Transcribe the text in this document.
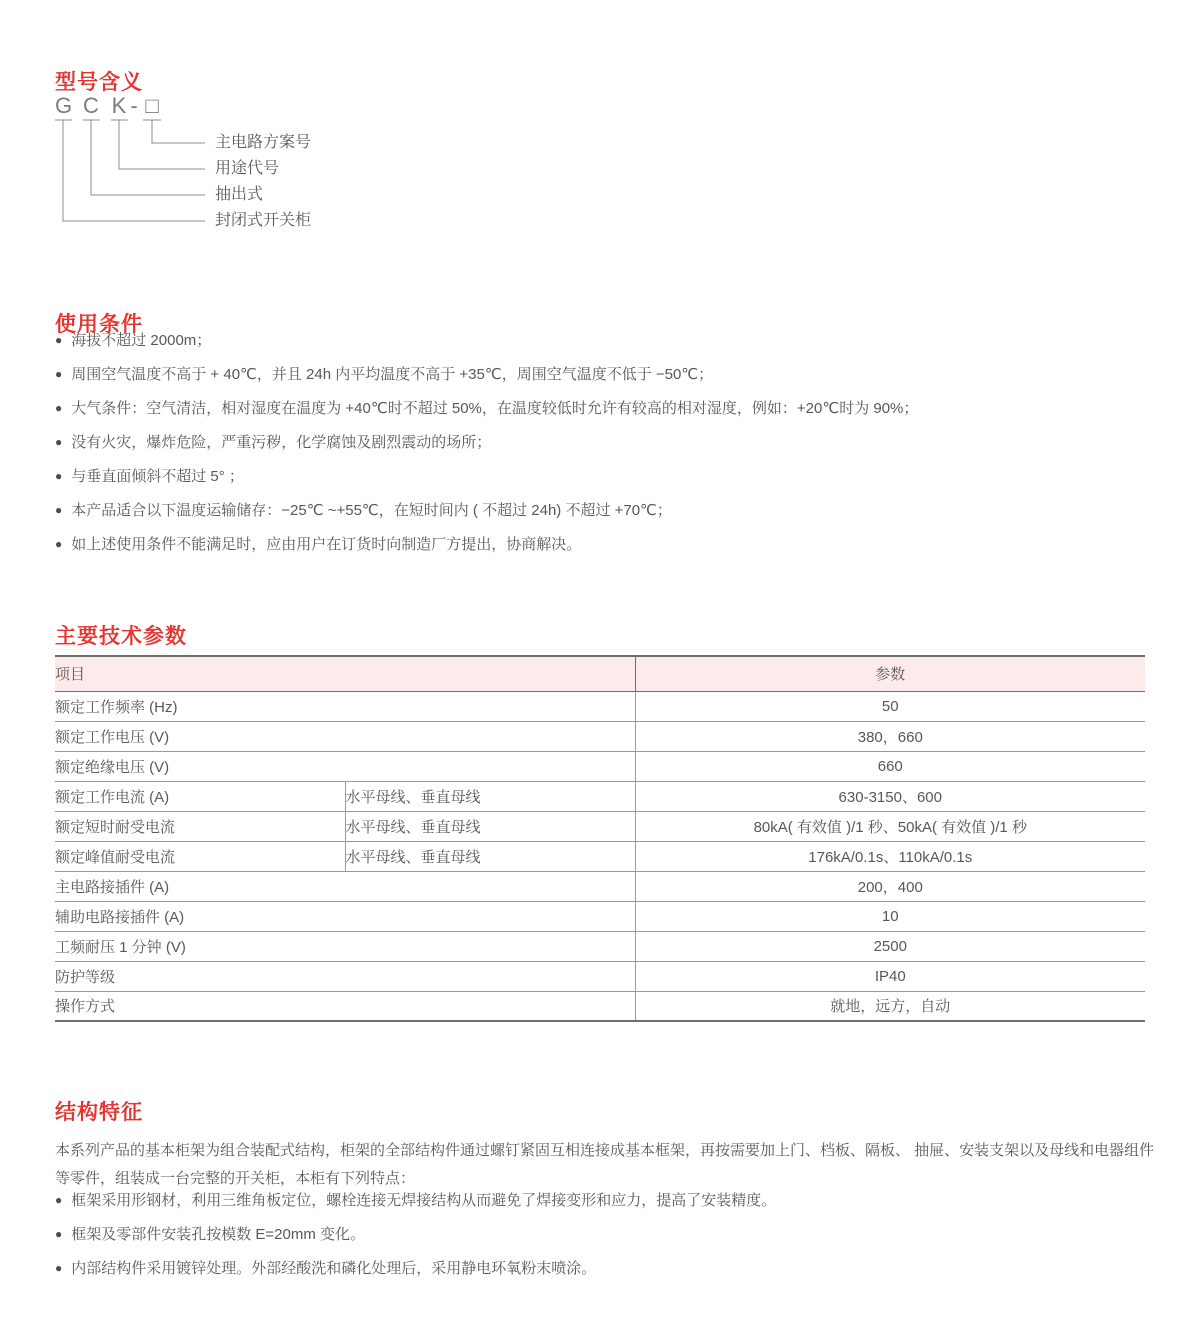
型号含义
G C K - □
主电路方案号
用途代号
抽出式
封闭式开关柜
使用条件
● 海拔不超过 2000m；
● 周围空气温度不高于 + 40℃，并且 24h 内平均温度不高于 +35℃，周围空气温度不低于 −50℃；
● 大气条件：空气清洁，相对湿度在温度为 +40℃时不超过 50%，在温度较低时允许有较高的相对湿度，例如：+20℃时为 90%；
● 没有火灾，爆炸危险，严重污秽，化学腐蚀及剧烈震动的场所；
● 与垂直面倾斜不超过 5° ；
● 本产品适合以下温度运输储存：−25℃ ~+55℃，在短时间内 ( 不超过 24h) 不超过 +70℃；
● 如上述使用条件不能满足时，应由用户在订货时向制造厂方提出，协商解决。
主要技术参数
项目		参数
额定工作频率 (Hz)		50
额定工作电压 (V)		380，660
额定绝缘电压 (V)		660
额定工作电流 (A)	水平母线、垂直母线	630-3150、600
额定短时耐受电流	水平母线、垂直母线	80kA( 有效值 )/1 秒、50kA( 有效值 )/1 秒
额定峰值耐受电流	水平母线、垂直母线	176kA/0.1s、110kA/0.1s
主电路接插件 (A)		200，400
辅助电路接插件 (A)		10
工频耐压 1 分钟 (V)		2500
防护等级		IP40
操作方式		就地，远方，自动
结构特征

本系列产品的基本柜架为组合装配式结构，柜架的全部结构件通过螺钉紧固互相连接成基本框架，再按需要加上门、档板、隔板、 抽屉、安装支架以及母线和电器组件等零件，组装成一台完整的开关柜，本柜有下列特点：

● 框架采用形钢材，利用三维角板定位，螺栓连接无焊接结构从而避免了焊接变形和应力，提高了安装精度。
● 框架及零部件安装孔按模数 E=20mm 变化。
● 内部结构件采用镀锌处理。外部经酸洗和磷化处理后，采用静电环氧粉末喷涂。
